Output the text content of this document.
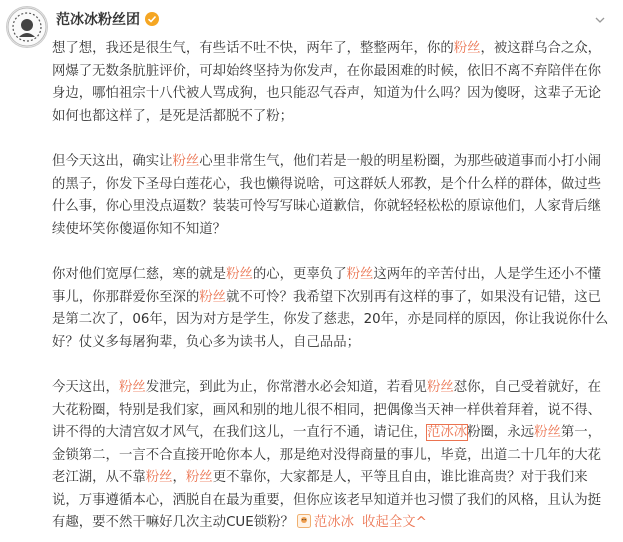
范冰冰粉丝团

想了想，我还是很生气，有些话不吐不快，两年了，整整两年，你的粉丝，被这群乌合之众，网爆了无数条肮脏评价，可却始终坚持为你发声，在你最困难的时候，依旧不离不弃陪伴在你身边，哪怕祖宗十八代被人骂成狗，也只能忍气吞声，知道为什么吗？因为傻呀，这辈子无论如何也都这样了，是死是活都脱不了粉；

但今天这出，确实让粉丝心里非常生气，他们若是一般的明星粉圈，为那些破道事而小打小闹的黑子，你发下圣母白莲花心，我也懒得说啥，可这群妖人邪教，是个什么样的群体，做过些什么事，你心里没点逼数？装装可怜写写昧心道歉信，你就轻轻松松的原谅他们，人家背后继续使坏笑你傻逼你知不知道？

你对他们宽厚仁慈，寒的就是粉丝的心，更辜负了粉丝这两年的辛苦付出，人是学生还小不懂事儿，你那群爱你至深的粉丝就不可怜？我希望下次别再有这样的事了，如果没有记错，这已是第二次了，06年，因为对方是学生，你发了慈悲，20年，亦是同样的原因，你让我说你什么好？仗义多每屠狗辈，负心多为读书人，自己品品；

今天这出，粉丝发泄完，到此为止，你常潜水必会知道，若看见粉丝怼你，自己受着就好，在大花粉圈，特别是我们家，画风和别的地儿很不相同，把偶像当天神一样供着拜着，说不得、讲不得的大清宫奴才风气，在我们这儿，一直行不通，请记住，范冰冰粉圈，永远粉丝第一，金锁第二，一言不合直接开呛你本人，那是绝对没得商量的事儿，毕竟，出道二十几年的大花老江湖，从不靠粉丝，粉丝更不靠你，大家都是人，平等且自由，谁比谁高贵？对于我们来说，万事遵循本心，洒脱自在最为重要，但你应该老早知道并也习惯了我们的风格，且认为挺有趣，要不然干嘛好几次主动CUE锁粉？ 范冰冰 收起全文^
